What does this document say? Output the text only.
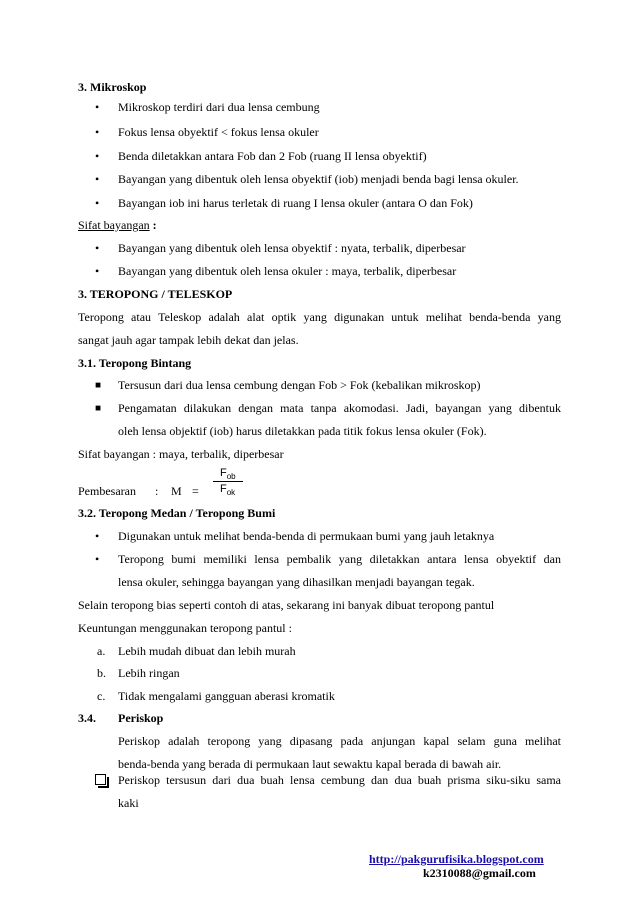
3. Mikroskop
• Mikroskop terdiri dari dua lensa cembung
• Fokus lensa obyektif < fokus lensa okuler
• Benda diletakkan antara Fob dan 2 Fob (ruang II lensa obyektif)
• Bayangan yang dibentuk oleh lensa obyektif (iob) menjadi benda bagi lensa okuler.
• Bayangan iob ini harus terletak di ruang I lensa okuler (antara O dan Fok)
Sifat bayangan :
• Bayangan yang dibentuk oleh lensa obyektif : nyata, terbalik, diperbesar
• Bayangan yang dibentuk oleh lensa okuler : maya, terbalik, diperbesar
3. TEROPONG / TELESKOP
Teropong atau Teleskop adalah alat optik yang digunakan untuk melihat benda-benda yang
sangat jauh agar tampak lebih dekat dan jelas.
3.1. Teropong Bintang
■ Tersusun dari dua lensa cembung dengan Fob > Fok (kebalikan mikroskop)
■ Pengamatan dilakukan dengan mata tanpa akomodasi. Jadi, bayangan yang dibentuk
oleh lensa objektif (iob) harus diletakkan pada titik fokus lensa okuler (Fok).
Sifat bayangan : maya, terbalik, diperbesar
$F_{ob}$
$F_{ok}$
Pembesaran : M =
3.2. Teropong Medan / Teropong Bumi
• Digunakan untuk melihat benda-benda di permukaan bumi yang jauh letaknya
• Teropong bumi memiliki lensa pembalik yang diletakkan antara lensa obyektif dan
lensa okuler, sehingga bayangan yang dihasilkan menjadi bayangan tegak.
Selain teropong bias seperti contoh di atas, sekarang ini banyak dibuat teropong pantul
Keuntungan menggunakan teropong pantul :
a. Lebih mudah dibuat dan lebih murah
b. Lebih ringan
c. Tidak mengalami gangguan aberasi kromatik
3.4. Periskop
Periskop adalah teropong yang dipasang pada anjungan kapal selam guna melihat
benda-benda yang berada di permukaan laut sewaktu kapal berada di bawah air.
Periskop tersusun dari dua buah lensa cembung dan dua buah prisma siku-siku sama
kaki
http://pakgurufisika.blogspot.com
k2310088@gmail.com
